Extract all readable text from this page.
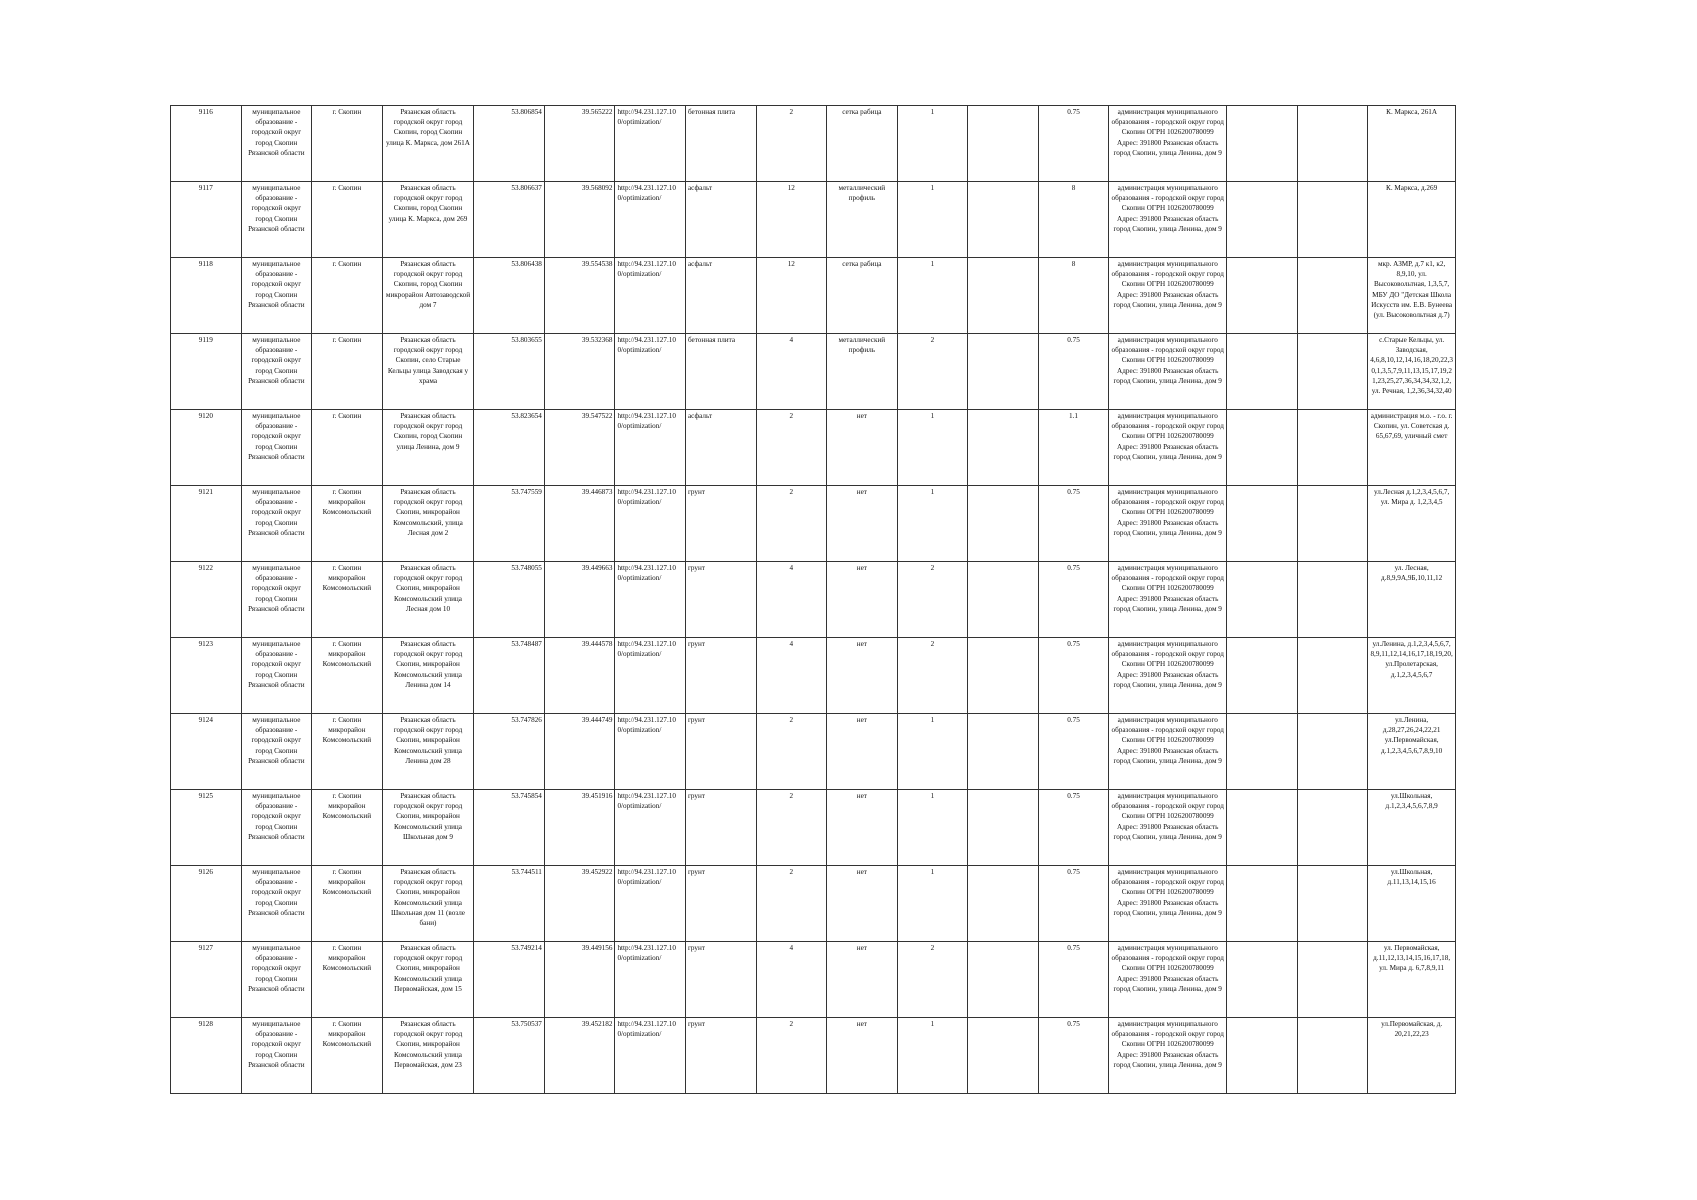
9116	муниципальное образование - городской округ город Скопин Рязанской области	г. Скопин	Рязанская область городской округ город Скопин, город Скопин улица К. Маркса, дом 261А	53.806854	39.565222	http://94.231.127.10 0/optimization/	бетонная плита	2	сетка рабица	1		0.75	администрация муниципального образования - городской округ город Скопин ОГРН 1026200780099 Адрес: 391800 Рязанская область город Скопин, улица Ленина, дом 9			К. Маркса, 261А
9117	муниципальное образование - городской округ город Скопин Рязанской области	г. Скопин	Рязанская область городской округ город Скопин, город Скопин улица К. Маркса, дом 269	53.806637	39.568092	http://94.231.127.10 0/optimization/	асфальт	12	металлический профиль	1		8	администрация муниципального образования - городской округ город Скопин ОГРН 1026200780099 Адрес: 391800 Рязанская область город Скопин, улица Ленина, дом 9			К. Маркса, д.269
9118	муниципальное образование - городской округ город Скопин Рязанской области	г. Скопин	Рязанская область городской округ город Скопин, город Скопин микрорайон Автозаводской дом 7	53.806438	39.554538	http://94.231.127.10 0/optimization/	асфальт	12	сетка рабица	1		8	администрация муниципального образования - городской округ город Скопин ОГРН 1026200780099 Адрес: 391800 Рязанская область город Скопин, улица Ленина, дом 9			мкр. АЗМР, д.7 к1, к2, 8,9,10, ул. Высоковольтная, 1,3,5,7, МБУ ДО "Детская Школа Искусств им. Е.В. Бунеева (ул. Высоковольтная д.7)
9119	муниципальное образование - городской округ город Скопин Рязанской области	г. Скопин	Рязанская область городской округ город Скопин, село Старые Кельцы улица Заводская у храма	53.803655	39.532368	http://94.231.127.10 0/optimization/	бетонная плита	4	металлический профиль	2		0.75	администрация муниципального образования - городской округ город Скопин ОГРН 1026200780099 Адрес: 391800 Рязанская область город Скопин, улица Ленина, дом 9			с.Старые Кельцы, ул. Заводская, 4,6,8,10,12,14,16,18,20,22,3 0,1,3,5,7,9,11,13,15,17,19,2 1,23,25,27,36,34,34,32,1,2, ул. Речная, 1,2,36,34,32,40
9120	муниципальное образование - городской округ город Скопин Рязанской области	г. Скопин	Рязанская область городской округ город Скопин, город Скопин улица Ленина, дом 9	53.823654	39.547522	http://94.231.127.10 0/optimization/	асфальт	2	нет	1		1.1	администрация муниципального образования - городской округ город Скопин ОГРН 1026200780099 Адрес: 391800 Рязанская область город Скопин, улица Ленина, дом 9			администрация м.о. - г.о. г. Скопин, ул. Советская д. 65,67,69, уличный смет
9121	муниципальное образование - городской округ город Скопин Рязанской области	г. Скопин микрорайон Комсомольский	Рязанская область городской округ город Скопин, микрорайон Комсомольский, улица Лесная дом 2	53.747559	39.446873	http://94.231.127.10 0/optimization/	грунт	2	нет	1		0.75	администрация муниципального образования - городской округ город Скопин ОГРН 1026200780099 Адрес: 391800 Рязанская область город Скопин, улица Ленина, дом 9			ул.Лесная д.1,2,3,4,5,6,7, ул. Мира д. 1,2,3,4,5
9122	муниципальное образование - городской округ город Скопин Рязанской области	г. Скопин микрорайон Комсомольский	Рязанская область городской округ город Скопин, микрорайон Комсомольский улица Лесная дом 10	53.748055	39.449663	http://94.231.127.10 0/optimization/	грунт	4	нет	2		0.75	администрация муниципального образования - городской округ город Скопин ОГРН 1026200780099 Адрес: 391800 Рязанская область город Скопин, улица Ленина, дом 9			ул. Лесная, д.8,9,9А,9Б,10,11,12
9123	муниципальное образование - городской округ город Скопин Рязанской области	г. Скопин микрорайон Комсомольский	Рязанская область городской округ город Скопин, микрорайон Комсомольский улица Ленина дом 14	53.748487	39.444578	http://94.231.127.10 0/optimization/	грунт	4	нет	2		0.75	администрация муниципального образования - городской округ город Скопин ОГРН 1026200780099 Адрес: 391800 Рязанская область город Скопин, улица Ленина, дом 9			ул.Ленина, д.1,2,3,4,5,6,7, 8,9,11,12,14,16,17,18,19,20, ул.Пролетарская, д.1,2,3,4,5,6,7
9124	муниципальное образование - городской округ город Скопин Рязанской области	г. Скопин микрорайон Комсомольский	Рязанская область городской округ город Скопин, микрорайон Комсомольский улица Ленина дом 28	53.747826	39.444749	http://94.231.127.10 0/optimization/	грунт	2	нет	1		0.75	администрация муниципального образования - городской округ город Скопин ОГРН 1026200780099 Адрес: 391800 Рязанская область город Скопин, улица Ленина, дом 9			ул.Ленина, д.28,27,26,24,22,21 ул.Первомайская, д.1,2,3,4,5,6,7,8,9,10
9125	муниципальное образование - городской округ город Скопин Рязанской области	г. Скопин микрорайон Комсомольский	Рязанская область городской округ город Скопин, микрорайон Комсомольский улица Школьная дом 9	53.745854	39.451916	http://94.231.127.10 0/optimization/	грунт	2	нет	1		0.75	администрация муниципального образования - городской округ город Скопин ОГРН 1026200780099 Адрес: 391800 Рязанская область город Скопин, улица Ленина, дом 9			ул.Школьная, д.1,2,3,4,5,6,7,8,9
9126	муниципальное образование - городской округ город Скопин Рязанской области	г. Скопин микрорайон Комсомольский	Рязанская область городской округ город Скопин, микрорайон Комсомольский улица Школьная дом 11 (возле бани)	53.744511	39.452922	http://94.231.127.10 0/optimization/	грунт	2	нет	1		0.75	администрация муниципального образования - городской округ город Скопин ОГРН 1026200780099 Адрес: 391800 Рязанская область город Скопин, улица Ленина, дом 9			ул.Школьная, д.11,13,14,15,16
9127	муниципальное образование - городской округ город Скопин Рязанской области	г. Скопин микрорайон Комсомольский	Рязанская область городской округ город Скопин, микрорайон Комсомольский улица Первомайская, дом 15	53.749214	39.449156	http://94.231.127.10 0/optimization/	грунт	4	нет	2		0.75	администрация муниципального образования - городской округ город Скопин ОГРН 1026200780099 Адрес: 391800 Рязанская область город Скопин, улица Ленина, дом 9			ул. Первомайская, д.11,12,13,14,15,16,17,18, ул. Мира д. 6,7,8,9,11
9128	муниципальное образование - городской округ город Скопин Рязанской области	г. Скопин микрорайон Комсомольский	Рязанская область городской округ город Скопин, микрорайон Комсомольский улица Первомайская, дом 23	53.750537	39.452182	http://94.231.127.10 0/optimization/	грунт	2	нет	1		0.75	администрация муниципального образования - городской округ город Скопин ОГРН 1026200780099 Адрес: 391800 Рязанская область город Скопин, улица Ленина, дом 9			ул.Первомайская, д. 20,21,22,23
